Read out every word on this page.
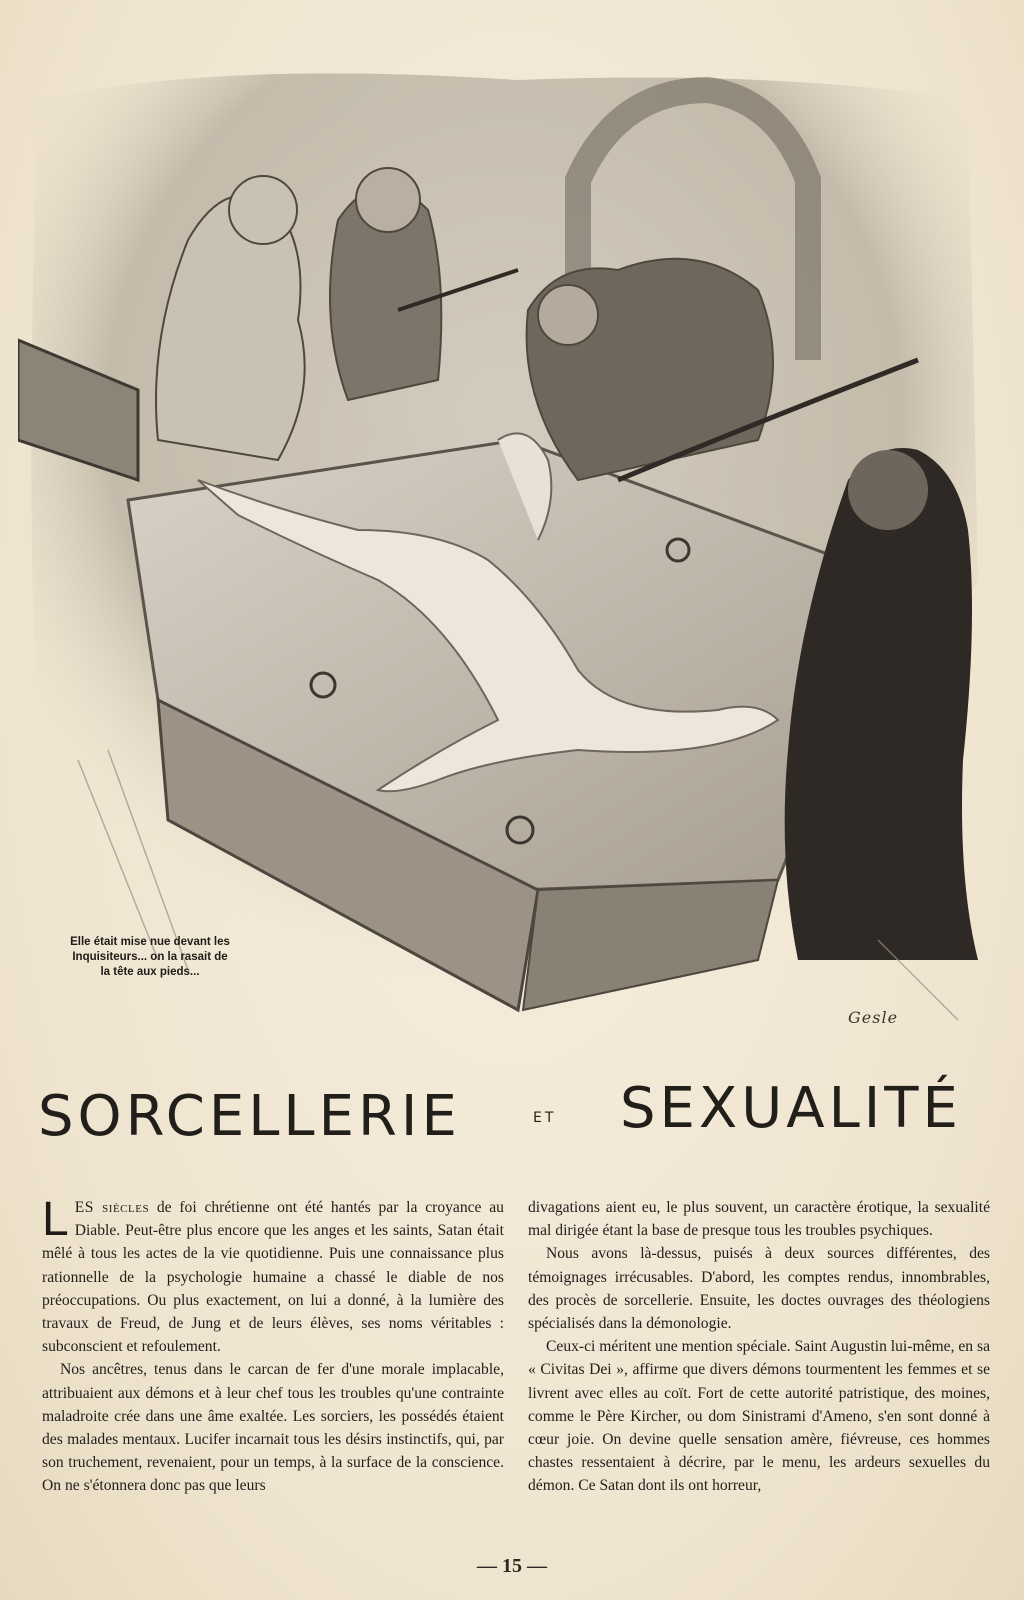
Elle était mise nue devant les
Inquisiteurs... on la rasait de
la tête aux pieds...
Gesle
SORCELLERIE	ET SEXUALITÉ

LES siècles de foi chrétienne ont été hantés par la croyance au Diable. Peut-être plus encore que les anges et les saints, Satan était mêlé à tous les actes de la vie quotidienne. Puis une connaissance plus rationnelle de la psychologie humaine a chassé le diable de nos préoccupations. Ou plus exactement, on lui a donné, à la lumière des travaux de Freud, de Jung et de leurs élèves, ses noms véritables : subconscient et refoulement.

Nos ancêtres, tenus dans le carcan de fer d'une morale implacable, attribuaient aux démons et à leur chef tous les troubles qu'une contrainte maladroite crée dans une âme exaltée. Les sorciers, les possédés étaient des malades mentaux. Lucifer incarnait tous les désirs instinctifs, qui, par son truchement, revenaient, pour un temps, à la surface de la conscience. On ne s'étonnera donc pas que leurs

divagations aient eu, le plus souvent, un caractère érotique, la sexualité mal dirigée étant la base de presque tous les troubles psychiques.

Nous avons là-dessus, puisés à deux sources différentes, des témoignages irrécusables. D'abord, les comptes rendus, innombrables, des procès de sorcellerie. Ensuite, les doctes ouvrages des théologiens spécialisés dans la démonologie.

Ceux-ci méritent une mention spéciale. Saint Augustin lui-même, en sa « Civitas Dei », affirme que divers démons tourmentent les femmes et se livrent avec elles au coït. Fort de cette autorité patristique, des moines, comme le Père Kircher, ou dom Sinistrami d'Ameno, s'en sont donné à cœur joie. On devine quelle sensation amère, fiévreuse, ces hommes chastes ressentaient à décrire, par le menu, les ardeurs sexuelles du démon. Ce Satan dont ils ont horreur,

— 15 —
